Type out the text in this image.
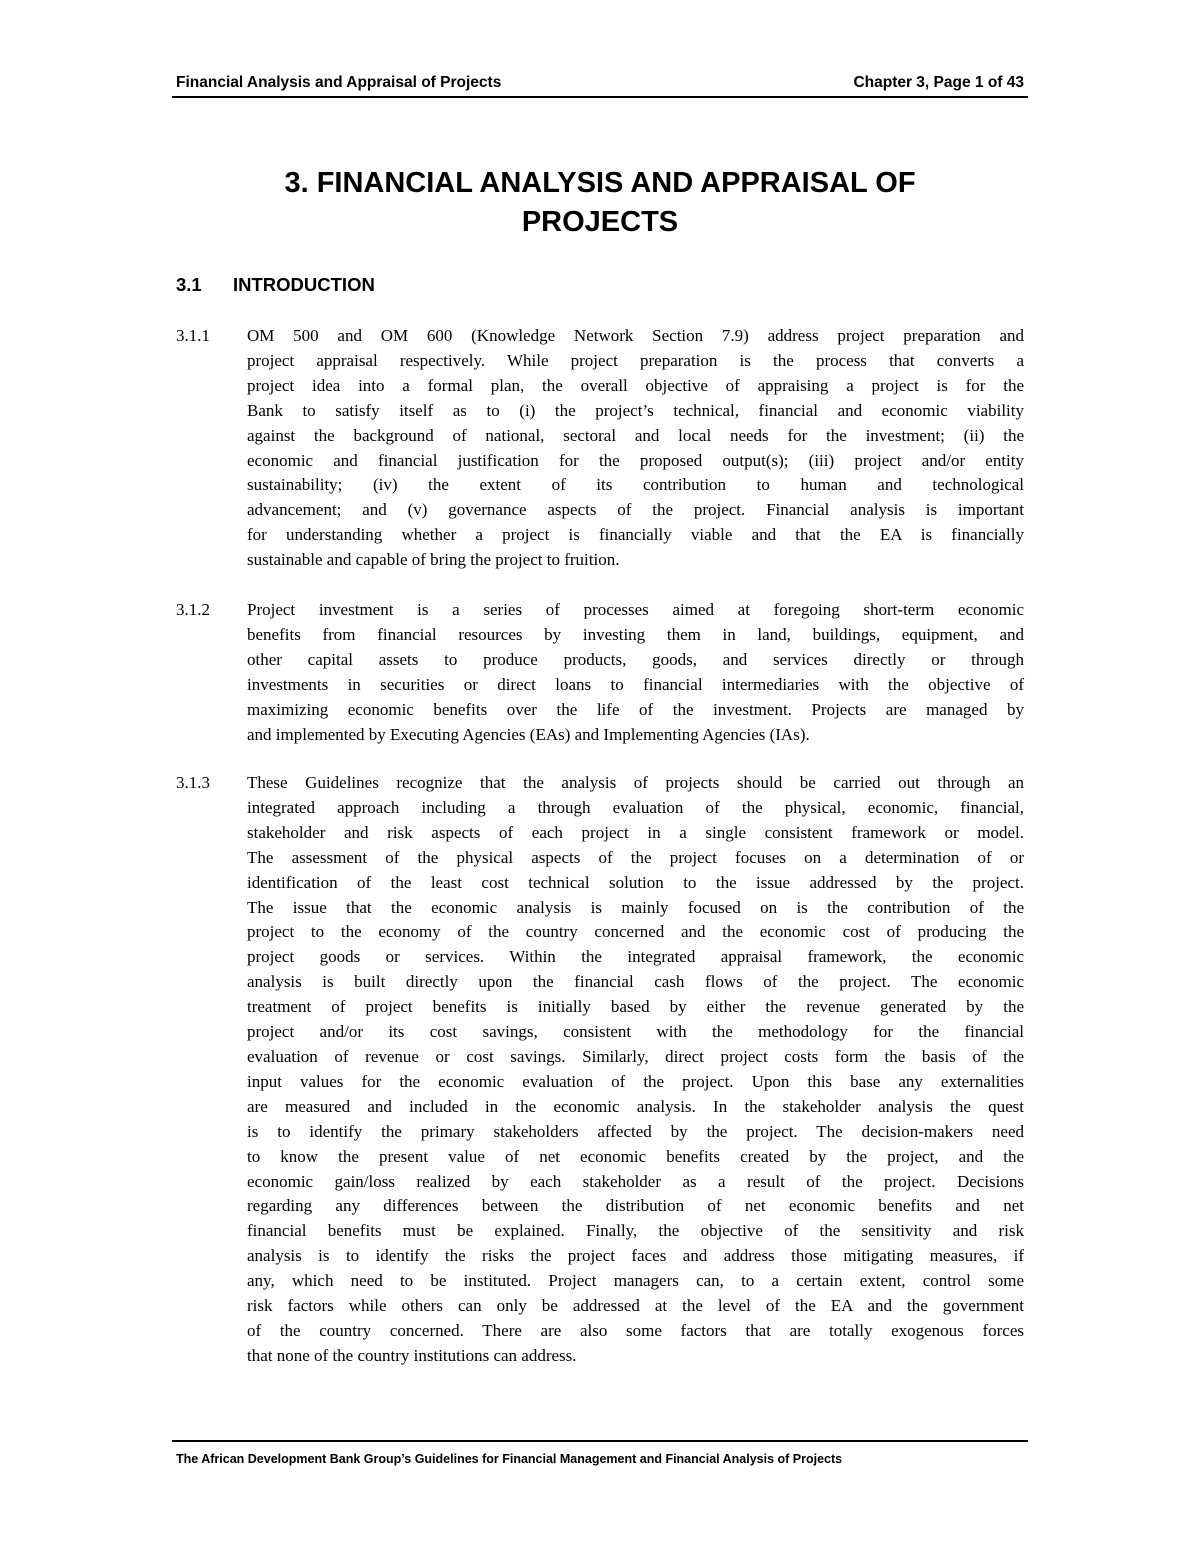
Financial Analysis and Appraisal of Projects	Chapter 3, Page 1 of 43
3. FINANCIAL ANALYSIS AND APPRAISAL OF
PROJECTS
3.1 INTRODUCTION
3.1.1 OM 500 and OM 600 (Knowledge Network Section 7.9) address project preparation and
project appraisal respectively. While project preparation is the process that converts a
project idea into a formal plan, the overall objective of appraising a project is for the
Bank to satisfy itself as to (i) the project’s technical, financial and economic viability
against the background of national, sectoral and local needs for the investment; (ii) the
economic and financial justification for the proposed output(s); (iii) project and/or entity
sustainability; (iv) the extent of its contribution to human and technological
advancement; and (v) governance aspects of the project. Financial analysis is important
for understanding whether a project is financially viable and that the EA is financially
sustainable and capable of bring the project to fruition.
3.1.2 Project investment is a series of processes aimed at foregoing short-term economic
benefits from financial resources by investing them in land, buildings, equipment, and
other capital assets to produce products, goods, and services directly or through
investments in securities or direct loans to financial intermediaries with the objective of
maximizing economic benefits over the life of the investment. Projects are managed by
and implemented by Executing Agencies (EAs) and Implementing Agencies (IAs).
3.1.3 These Guidelines recognize that the analysis of projects should be carried out through an
integrated approach including a through evaluation of the physical, economic, financial,
stakeholder and risk aspects of each project in a single consistent framework or model.
The assessment of the physical aspects of the project focuses on a determination of or
identification of the least cost technical solution to the issue addressed by the project.
The issue that the economic analysis is mainly focused on is the contribution of the
project to the economy of the country concerned and the economic cost of producing the
project goods or services. Within the integrated appraisal framework, the economic
analysis is built directly upon the financial cash flows of the project. The economic
treatment of project benefits is initially based by either the revenue generated by the
project and/or its cost savings, consistent with the methodology for the financial
evaluation of revenue or cost savings. Similarly, direct project costs form the basis of the
input values for the economic evaluation of the project. Upon this base any externalities
are measured and included in the economic analysis. In the stakeholder analysis the quest
is to identify the primary stakeholders affected by the project. The decision-makers need
to know the present value of net economic benefits created by the project, and the
economic gain/loss realized by each stakeholder as a result of the project. Decisions
regarding any differences between the distribution of net economic benefits and net
financial benefits must be explained. Finally, the objective of the sensitivity and risk
analysis is to identify the risks the project faces and address those mitigating measures, if
any, which need to be instituted. Project managers can, to a certain extent, control some
risk factors while others can only be addressed at the level of the EA and the government
of the country concerned. There are also some factors that are totally exogenous forces
that none of the country institutions can address.
The African Development Bank Group’s Guidelines for Financial Management and Financial Analysis of Projects
